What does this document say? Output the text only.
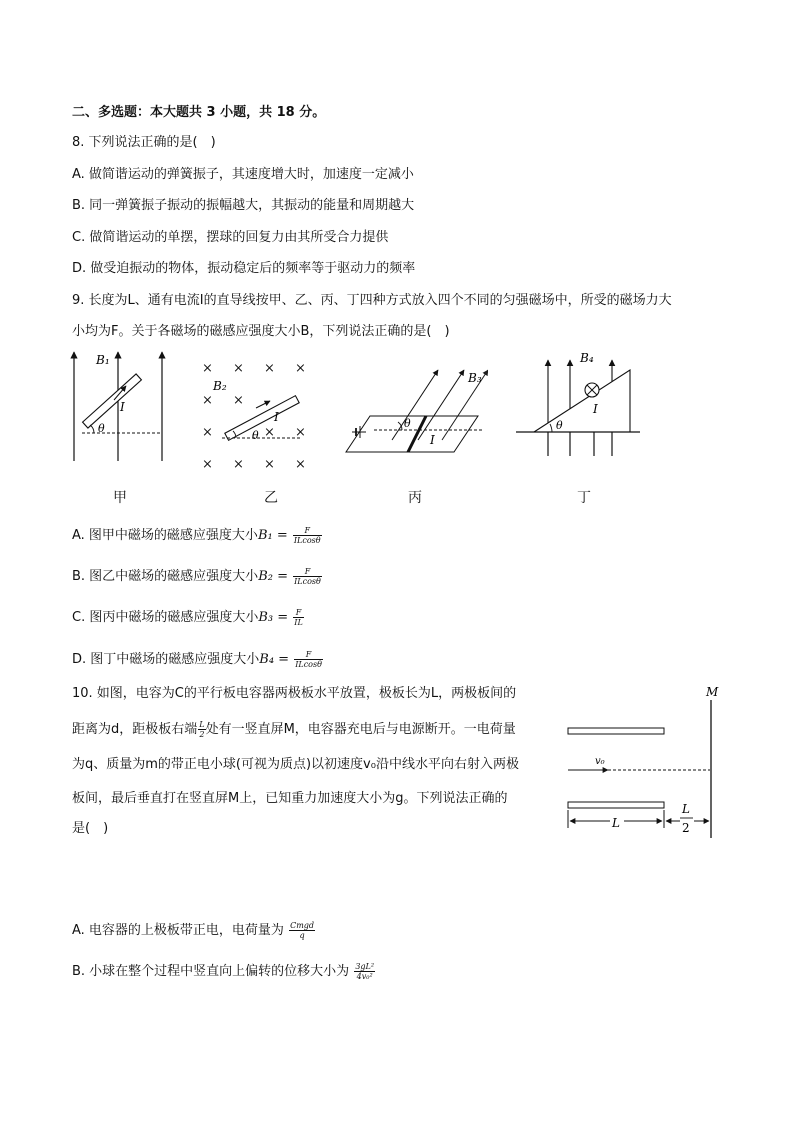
二、多选题：本大题共 3 小题，共 18 分。
8. 下列说法正确的是(　)
A. 做简谐运动的弹簧振子，其速度增大时，加速度一定减小
B. 同一弹簧振子振动的振幅越大，其振动的能量和周期越大
C. 做简谐运动的单摆，摆球的回复力由其所受合力提供
D. 做受迫振动的物体，振动稳定后的频率等于驱动力的频率
9. 长度为L、通有电流I的直导线按甲、乙、丙、丁四种方式放入四个不同的匀强磁场中，所受的磁场力大
小均为F。关于各磁场的磁感应强度大小B，下列说法正确的是(　)
B₁
I
θ
× × × ×
× ×
×	× ×
× × × ×
B₂
I
θ
B₃
I
θ
B₄
I
θ
甲	乙	丙	丁
A. 图甲中磁场的磁感应强度大小$B_1 = \frac{F}{ILcos\theta}$
B. 图乙中磁场的磁感应强度大小$B_2 = \frac{F}{ILcos\theta}$
C. 图丙中磁场的磁感应强度大小$B_3 = \frac{F}{IL}$
D. 图丁中磁场的磁感应强度大小$B_4 = \frac{F}{ILcos\theta}$
10. 如图，电容为C的平行板电容器两极板水平放置，极板长为L，两极板间的
距离为d，距极板右端 $\frac{L}{2}$ 处有一竖直屏M，电容器充电后与电源断开。一电荷量
为q、质量为m的带正电小球(可视为质点)以初速度v₀沿中线水平向右射入两极
板间，最后垂直打在竖直屏M上，已知重力加速度大小为g。下列说法正确的
是(　)
M
v₀
L
L
2
A. 电容器的上极板带正电，电荷量为 $\frac{\text{Cmgd}}{q}$
B. 小球在整个过程中竖直向上偏转的位移大小为 $\frac{\text{3gL²}}{\text{4v₀²}}$
